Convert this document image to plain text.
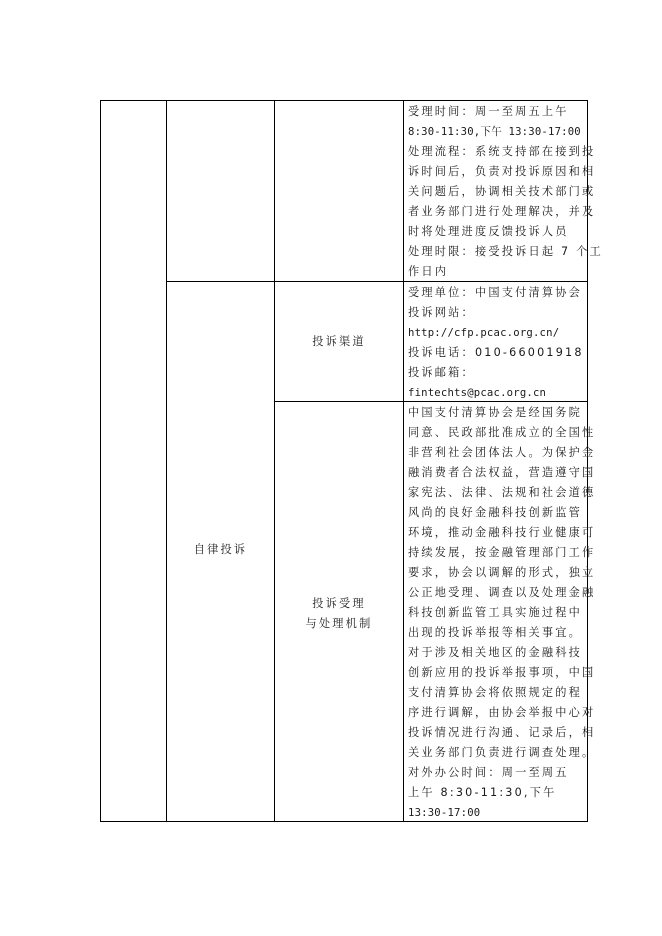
受理时间：周一至周五上午
8:30-11:30,下午 13:30-17:00
处理流程：系统支持部在接到投
诉时间后，负责对投诉原因和相
关问题后，协调相关技术部门或
者业务部门进行处理解决，并及
时将处理进度反馈投诉人员
处理时限：接受投诉日起 7 个工
作日内
自律投诉
投诉渠道
受理单位：中国支付清算协会
投诉网站：
http://cfp.pcac.org.cn/
投诉电话：010-66001918
投诉邮箱：
fintechts@pcac.org.cn
投诉受理
与处理机制
中国支付清算协会是经国务院
同意、民政部批准成立的全国性
非营利社会团体法人。为保护金
融消费者合法权益，营造遵守国
家宪法、法律、法规和社会道德
风尚的良好金融科技创新监管
环境，推动金融科技行业健康可
持续发展，按金融管理部门工作
要求，协会以调解的形式，独立
公正地受理、调查以及处理金融
科技创新监管工具实施过程中
出现的投诉举报等相关事宜。
对于涉及相关地区的金融科技
创新应用的投诉举报事项，中国
支付清算协会将依照规定的程
序进行调解，由协会举报中心对
投诉情况进行沟通、记录后，相
关业务部门负责进行调查处理。
对外办公时间：周一至周五
上午 8:30-11:30,下午
13:30-17:00
